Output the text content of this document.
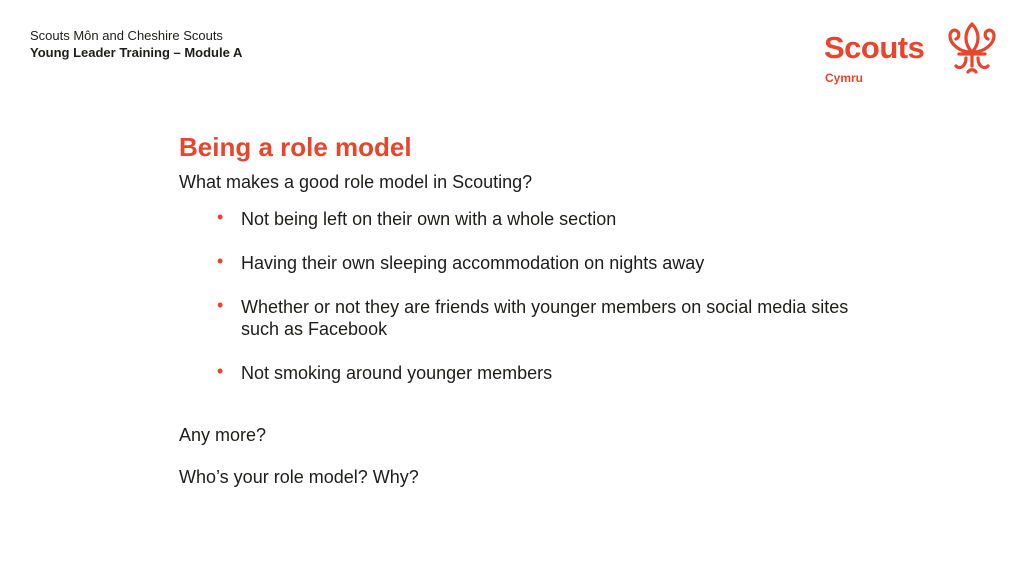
Scouts Môn and Cheshire Scouts
Young Leader Training – Module A	Scouts
Cymru
Being a role model
What makes a good role model in Scouting?
• Not being left on their own with a whole section
• Having their own sleeping accommodation on nights away
• Whether or not they are friends with younger members on social media sites such as Facebook
• Not smoking around younger members
Any more?
Who’s your role model? Why?
